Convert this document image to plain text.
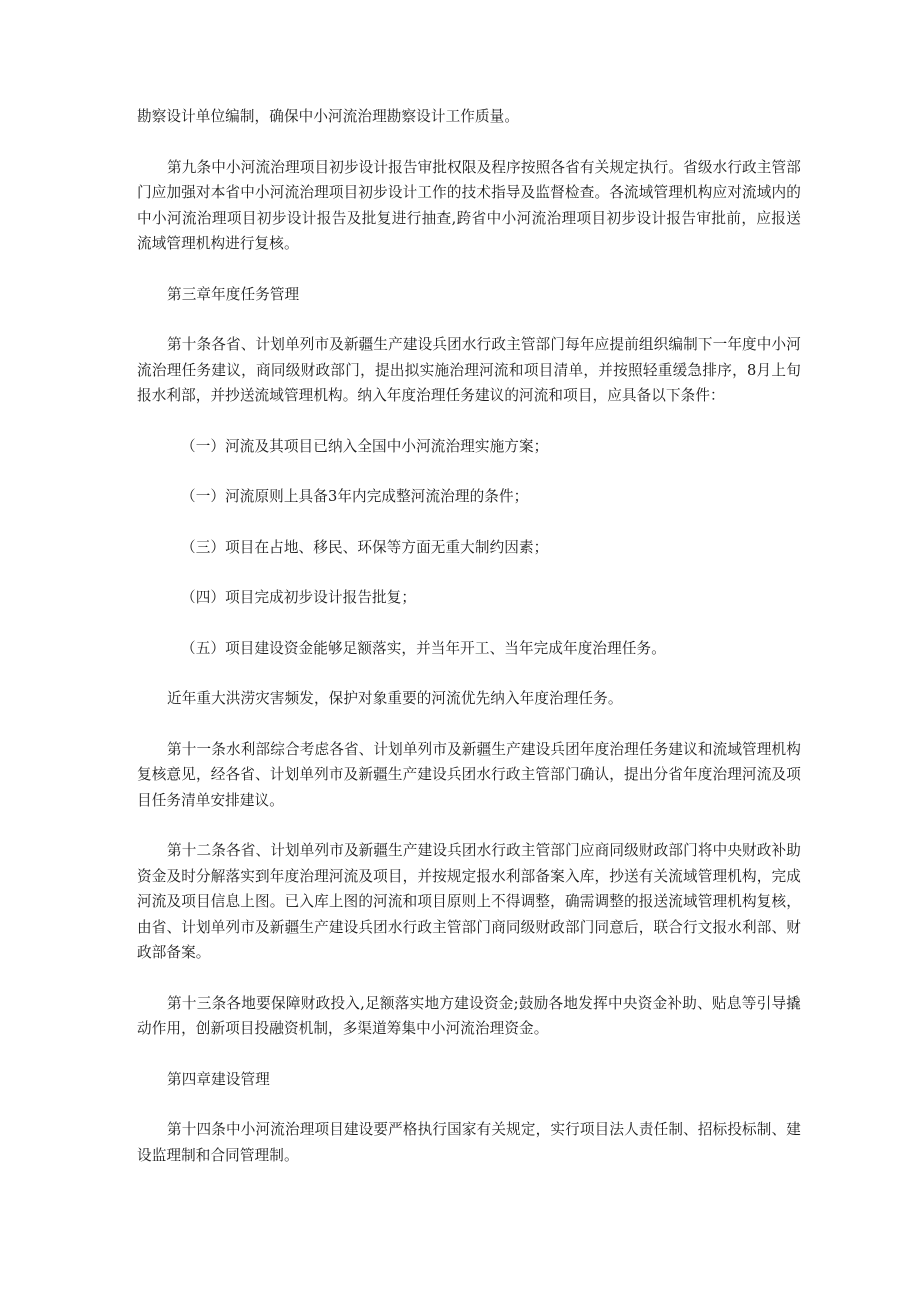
勘察设计单位编制，确保中小河流治理勘察设计工作质量。

第九条中小河流治理项目初步设计报告审批权限及程序按照各省有关规定执行。省级水行政主管部门应加强对本省中小河流治理项目初步设计工作的技术指导及监督检查。各流域管理机构应对流域内的中小河流治理项目初步设计报告及批复进行抽查,跨省中小河流治理项目初步设计报告审批前，应报送流域管理机构进行复核。

第三章年度任务管理

第十条各省、计划单列市及新疆生产建设兵团水行政主管部门每年应提前组织编制下一年度中小河流治理任务建议，商同级财政部门，提出拟实施治理河流和项目清单，并按照轻重缓急排序，8月上旬报水利部，并抄送流域管理机构。纳入年度治理任务建议的河流和项目，应具备以下条件：

（一）河流及其项目已纳入全国中小河流治理实施方案；

（一）河流原则上具备3年内完成整河流治理的条件；

（三）项目在占地、移民、环保等方面无重大制约因素；

（四）项目完成初步设计报告批复；

（五）项目建设资金能够足额落实，并当年开工、当年完成年度治理任务。

近年重大洪涝灾害频发，保护对象重要的河流优先纳入年度治理任务。

第十一条水利部综合考虑各省、计划单列市及新疆生产建设兵团年度治理任务建议和流域管理机构复核意见，经各省、计划单列市及新疆生产建设兵团水行政主管部门确认，提出分省年度治理河流及项目任务清单安排建议。

第十二条各省、计划单列市及新疆生产建设兵团水行政主管部门应商同级财政部门将中央财政补助资金及时分解落实到年度治理河流及项目，并按规定报水利部备案入库，抄送有关流域管理机构，完成河流及项目信息上图。已入库上图的河流和项目原则上不得调整，确需调整的报送流域管理机构复核，由省、计划单列市及新疆生产建设兵团水行政主管部门商同级财政部门同意后，联合行文报水利部、财政部备案。

第十三条各地要保障财政投入,足额落实地方建设资金;鼓励各地发挥中央资金补助、贴息等引导撬动作用，创新项目投融资机制，多渠道筹集中小河流治理资金。

第四章建设管理

第十四条中小河流治理项目建设要严格执行国家有关规定，实行项目法人责任制、招标投标制、建设监理制和合同管理制。
